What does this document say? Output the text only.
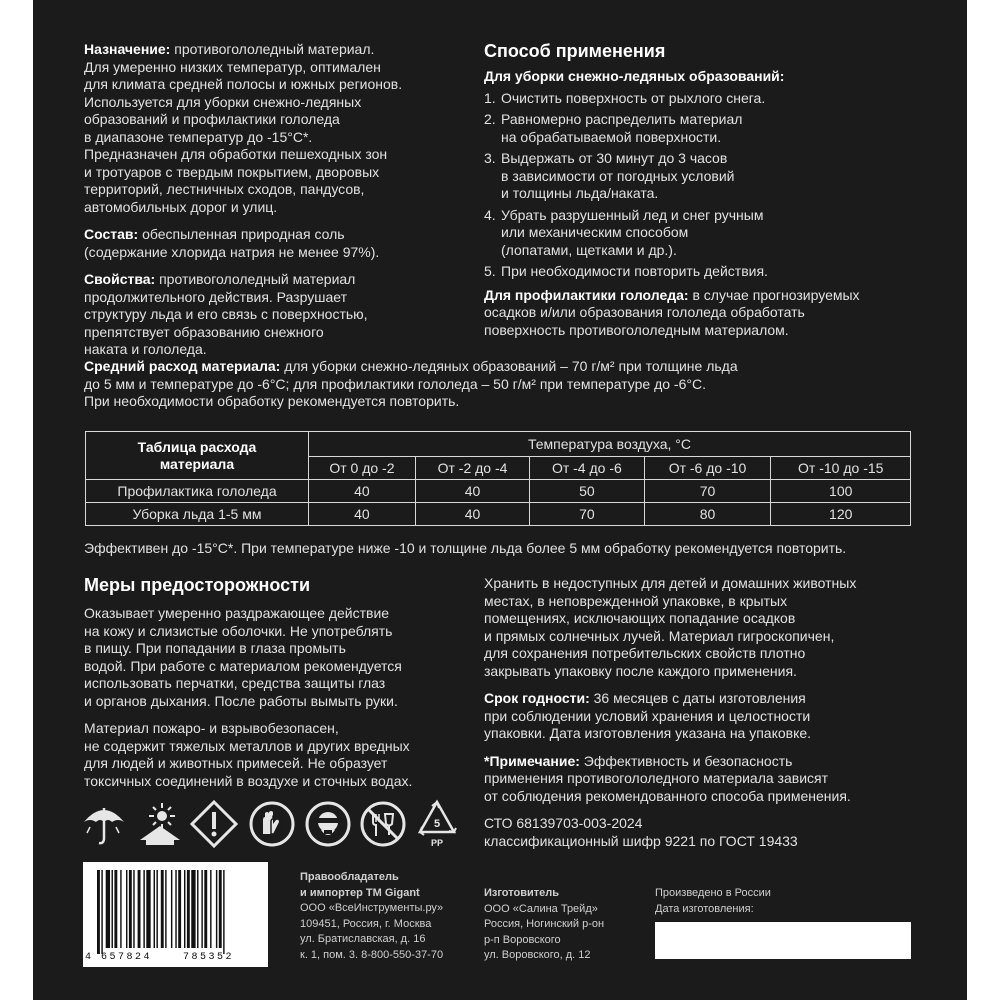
Назначение: противогололедный материал.
Для умеренно низких температур, оптимален
для климата средней полосы и южных регионов.
Используется для уборки снежно-ледяных
образований и профилактики гололеда
в диапазоне температур до -15°C*.
Предназначен для обработки пешеходных зон
и тротуаров с твердым покрытием, дворовых
территорий, лестничных сходов, пандусов,
автомобильных дорог и улиц.

Состав: обеспыленная природная соль
(содержание хлорида натрия не менее 97%).

Свойства: противогололедный материал
продолжительного действия. Разрушает
структуру льда и его связь с поверхностью,
препятствует образованию снежного
наката и гололеда.

Способ применения
Для уборки снежно-ледяных образований:
1. Очистить поверхность от рыхлого снега.
2. Равномерно распределить материал
на обрабатываемой поверхности.
3. Выдержать от 30 минут до 3 часов
в зависимости от погодных условий
и толщины льда/наката.
4. Убрать разрушенный лед и снег ручным
или механическим способом
(лопатами, щетками и др.).
5. При необходимости повторить действия.

Для профилактики гололеда: в случае прогнозируемых
осадков и/или образования гололеда обработать
поверхность противогололедным материалом.

Средний расход материала: для уборки снежно-ледяных образований – 70 г/м² при толщине льда
до 5 мм и температуре до -6°C; для профилактики гололеда – 50 г/м² при температуре до -6°C.
При необходимости обработку рекомендуется повторить.

Таблица расхода
материала	Температура воздуха, °C				
	От 0 до -2	От -2 до -4	От -4 до -6	От -6 до -10	От -10 до -15
Профилактика гололеда	40	40	50	70	100
Уборка льда 1-5 мм	40	40	70	80	120
Эффективен до -15°C*. При температуре ниже -10 и толщине льда более 5 мм обработку рекомендуется повторить.
Меры предосторожности

Оказывает умеренно раздражающее действие
на кожу и слизистые оболочки. Не употреблять
в пищу. При попадании в глаза промыть
водой. При работе с материалом рекомендуется
использовать перчатки, средства защиты глаз
и органов дыхания. После работы вымыть руки.

Материал пожаро- и взрывобезопасен,
не содержит тяжелых металлов и других вредных
для людей и животных примесей. Не образует
токсичных соединений в воздухе и сточных водах.

Хранить в недоступных для детей и домашних животных
местах, в неповрежденной упаковке, в крытых
помещениях, исключающих попадание осадков
и прямых солнечных лучей. Материал гигроскопичен,
для сохранения потребительских свойств плотно
закрывать упаковку после каждого применения.

Срок годности: 36 месяцев с даты изготовления
при соблюдении условий хранения и целостности
упаковки. Дата изготовления указана на упаковке.

*Примечание: Эффективность и безопасность
применения противогололедного материала зависят
от соблюдения рекомендованного способа применения.

СТО 68139703-003-2024
классификационный шифр 9221 по ГОСТ 19433

5
PP
4 657824	785352
Правообладатель
и импортер ТМ Gigant
ООО «ВсеИнструменты.ру»
109451, Россия, г. Москва
ул. Братиславская, д. 16
к. 1, пом. 3. 8-800-550-37-70
Изготовитель
ООО «Салина Трейд»
Россия, Ногинский р-он
р-п Воровского
ул. Воровского, д. 12
Произведено в России
Дата изготовления:
